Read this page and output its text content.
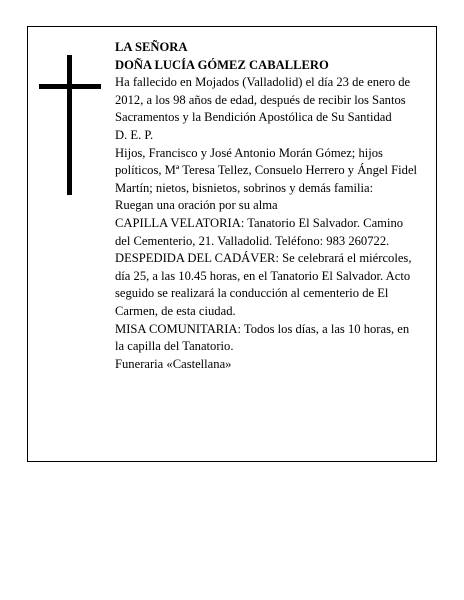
LA SEÑORA

DOÑA LUCÍA GÓMEZ CABALLERO

Ha fallecido en Mojados (Valladolid) el día 23 de enero de 2012, a los 98 años de edad, después de recibir los Santos Sacramentos y la Bendición Apostólica de Su Santidad

D. E. P.

Hijos, Francisco y José Antonio Morán Gómez; hijos políticos, Mª Teresa Tellez, Consuelo Herrero y Ángel Fidel Martín; nietos, bisnietos, sobrinos y demás familia:

Ruegan una oración por su alma

CAPILLA VELATORIA: Tanatorio El Salvador. Camino del Cementerio, 21. Valladolid. Teléfono: 983 260722.

DESPEDIDA DEL CADÁVER: Se celebrará el miércoles, día 25, a las 10.45 horas, en el Tanatorio El Salvador. Acto seguido se realizará la conducción al cementerio de El Carmen, de esta ciudad.

MISA COMUNITARIA: Todos los días, a las 10 horas, en la capilla del Tanatorio.

Funeraria «Castellana»
